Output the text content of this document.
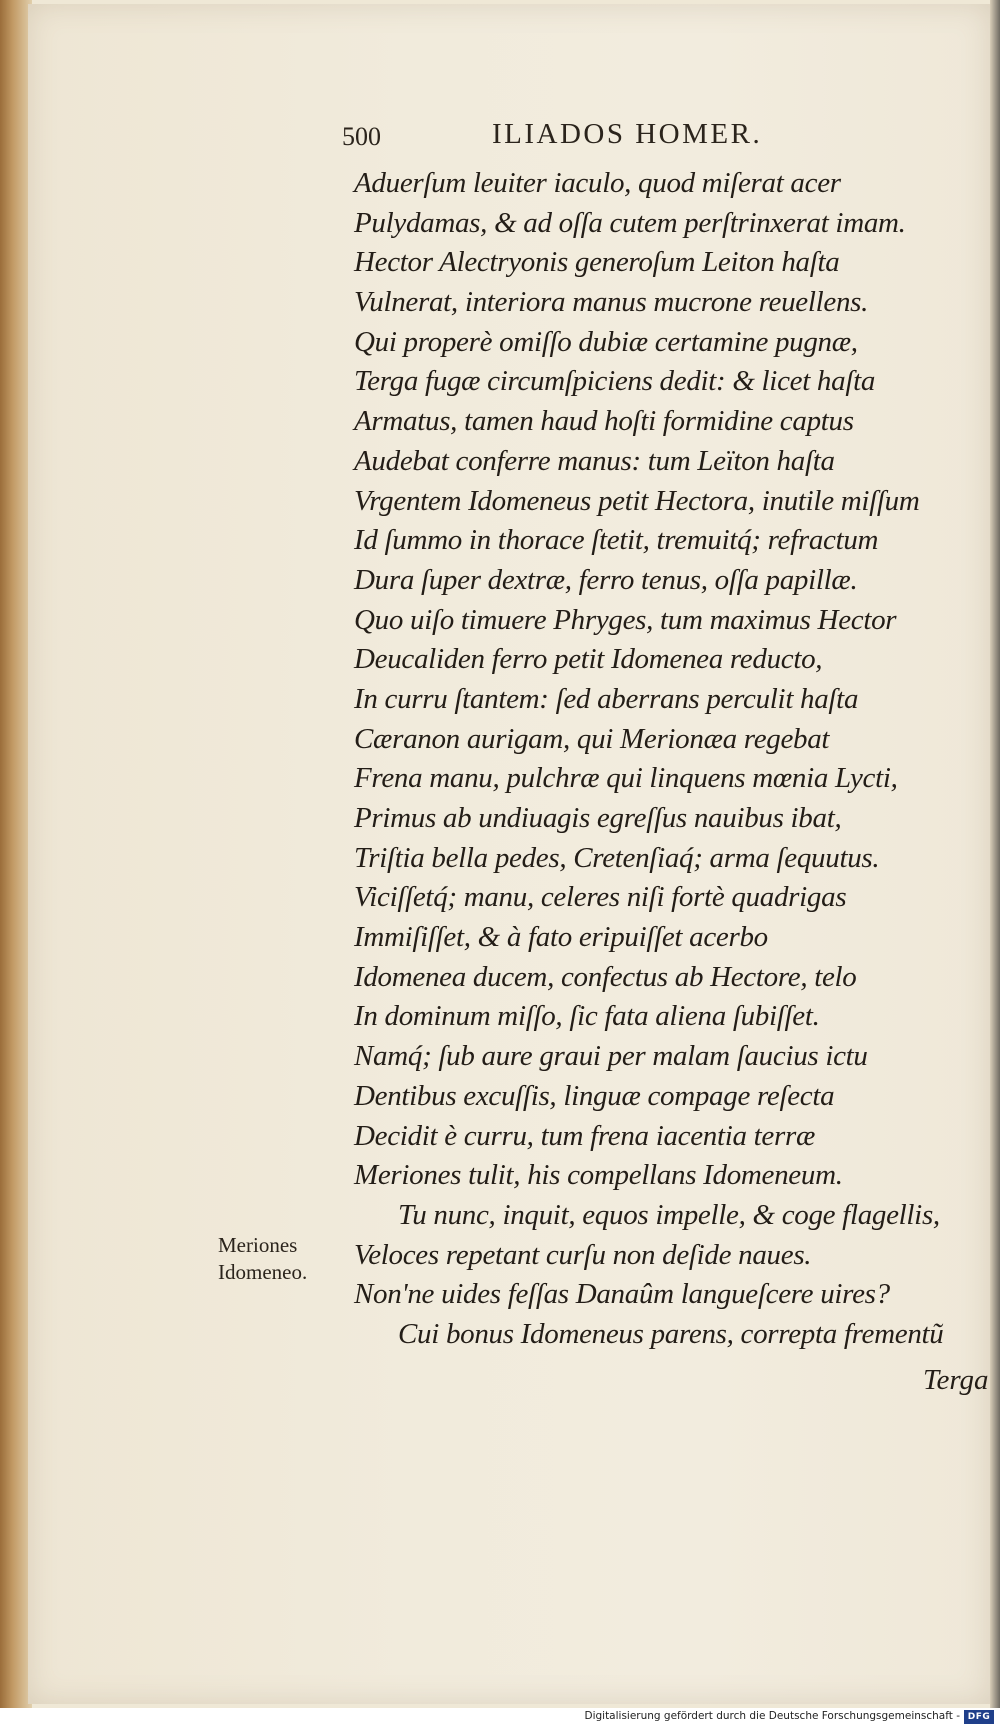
500	ILIADOS HOMER.
Aduerſum leuiter iaculo, quod miſerat acer
Pulydamas, & ad oſſa cutem perſtrinxerat imam.
Hector Alectryonis generoſum Leiton haſta
Vulnerat, interiora manus mucrone reuellens.
Qui properè omiſſo dubiæ certamine pugnæ,
Terga fugæ circumſpiciens dedit: & licet haſta
Armatus, tamen haud hoſti formidine captus
Audebat conferre manus: tum Leïton haſta
Vrgentem Idomeneus petit Hectora, inutile miſſum
Id ſummo in thorace ſtetit, tremuitq́; refractum
Dura ſuper dextræ, ferro tenus, oſſa papillæ.
Quo uiſo timuere Phryges, tum maximus Hector
Deucaliden ferro petit Idomenea reducto,
In curru ſtantem: ſed aberrans perculit haſta
Cæranon aurigam, qui Merionæa regebat
Frena manu, pulchræ qui linquens mœnia Lycti,
Primus ab undiuagis egreſſus nauibus ibat,
Triſtia bella pedes, Cretenſiaq́; arma ſequutus.
Viciſſetq́; manu, celeres niſi fortè quadrigas
Immiſiſſet, & à fato eripuiſſet acerbo
Idomenea ducem, confectus ab Hectore, telo
In dominum miſſo, ſic fata aliena ſubiſſet.
Namq́; ſub aure graui per malam ſaucius ictu
Dentibus excuſſis, linguæ compage reſecta
Decidit è curru, tum frena iacentia terræ
Meriones tulit, his compellans Idomeneum.
Tu nunc, inquit, equos impelle, & coge flagellis,
Veloces repetant curſu non deſide naues.
Non'ne uides feſſas Danaûm langueſcere uires?
Cui bonus Idomeneus parens, correpta frementũ
Meriones
Idomeneo.
Terga
Digitalisierung gefördert durch die Deutsche Forschungsgemeinschaft - DFG
